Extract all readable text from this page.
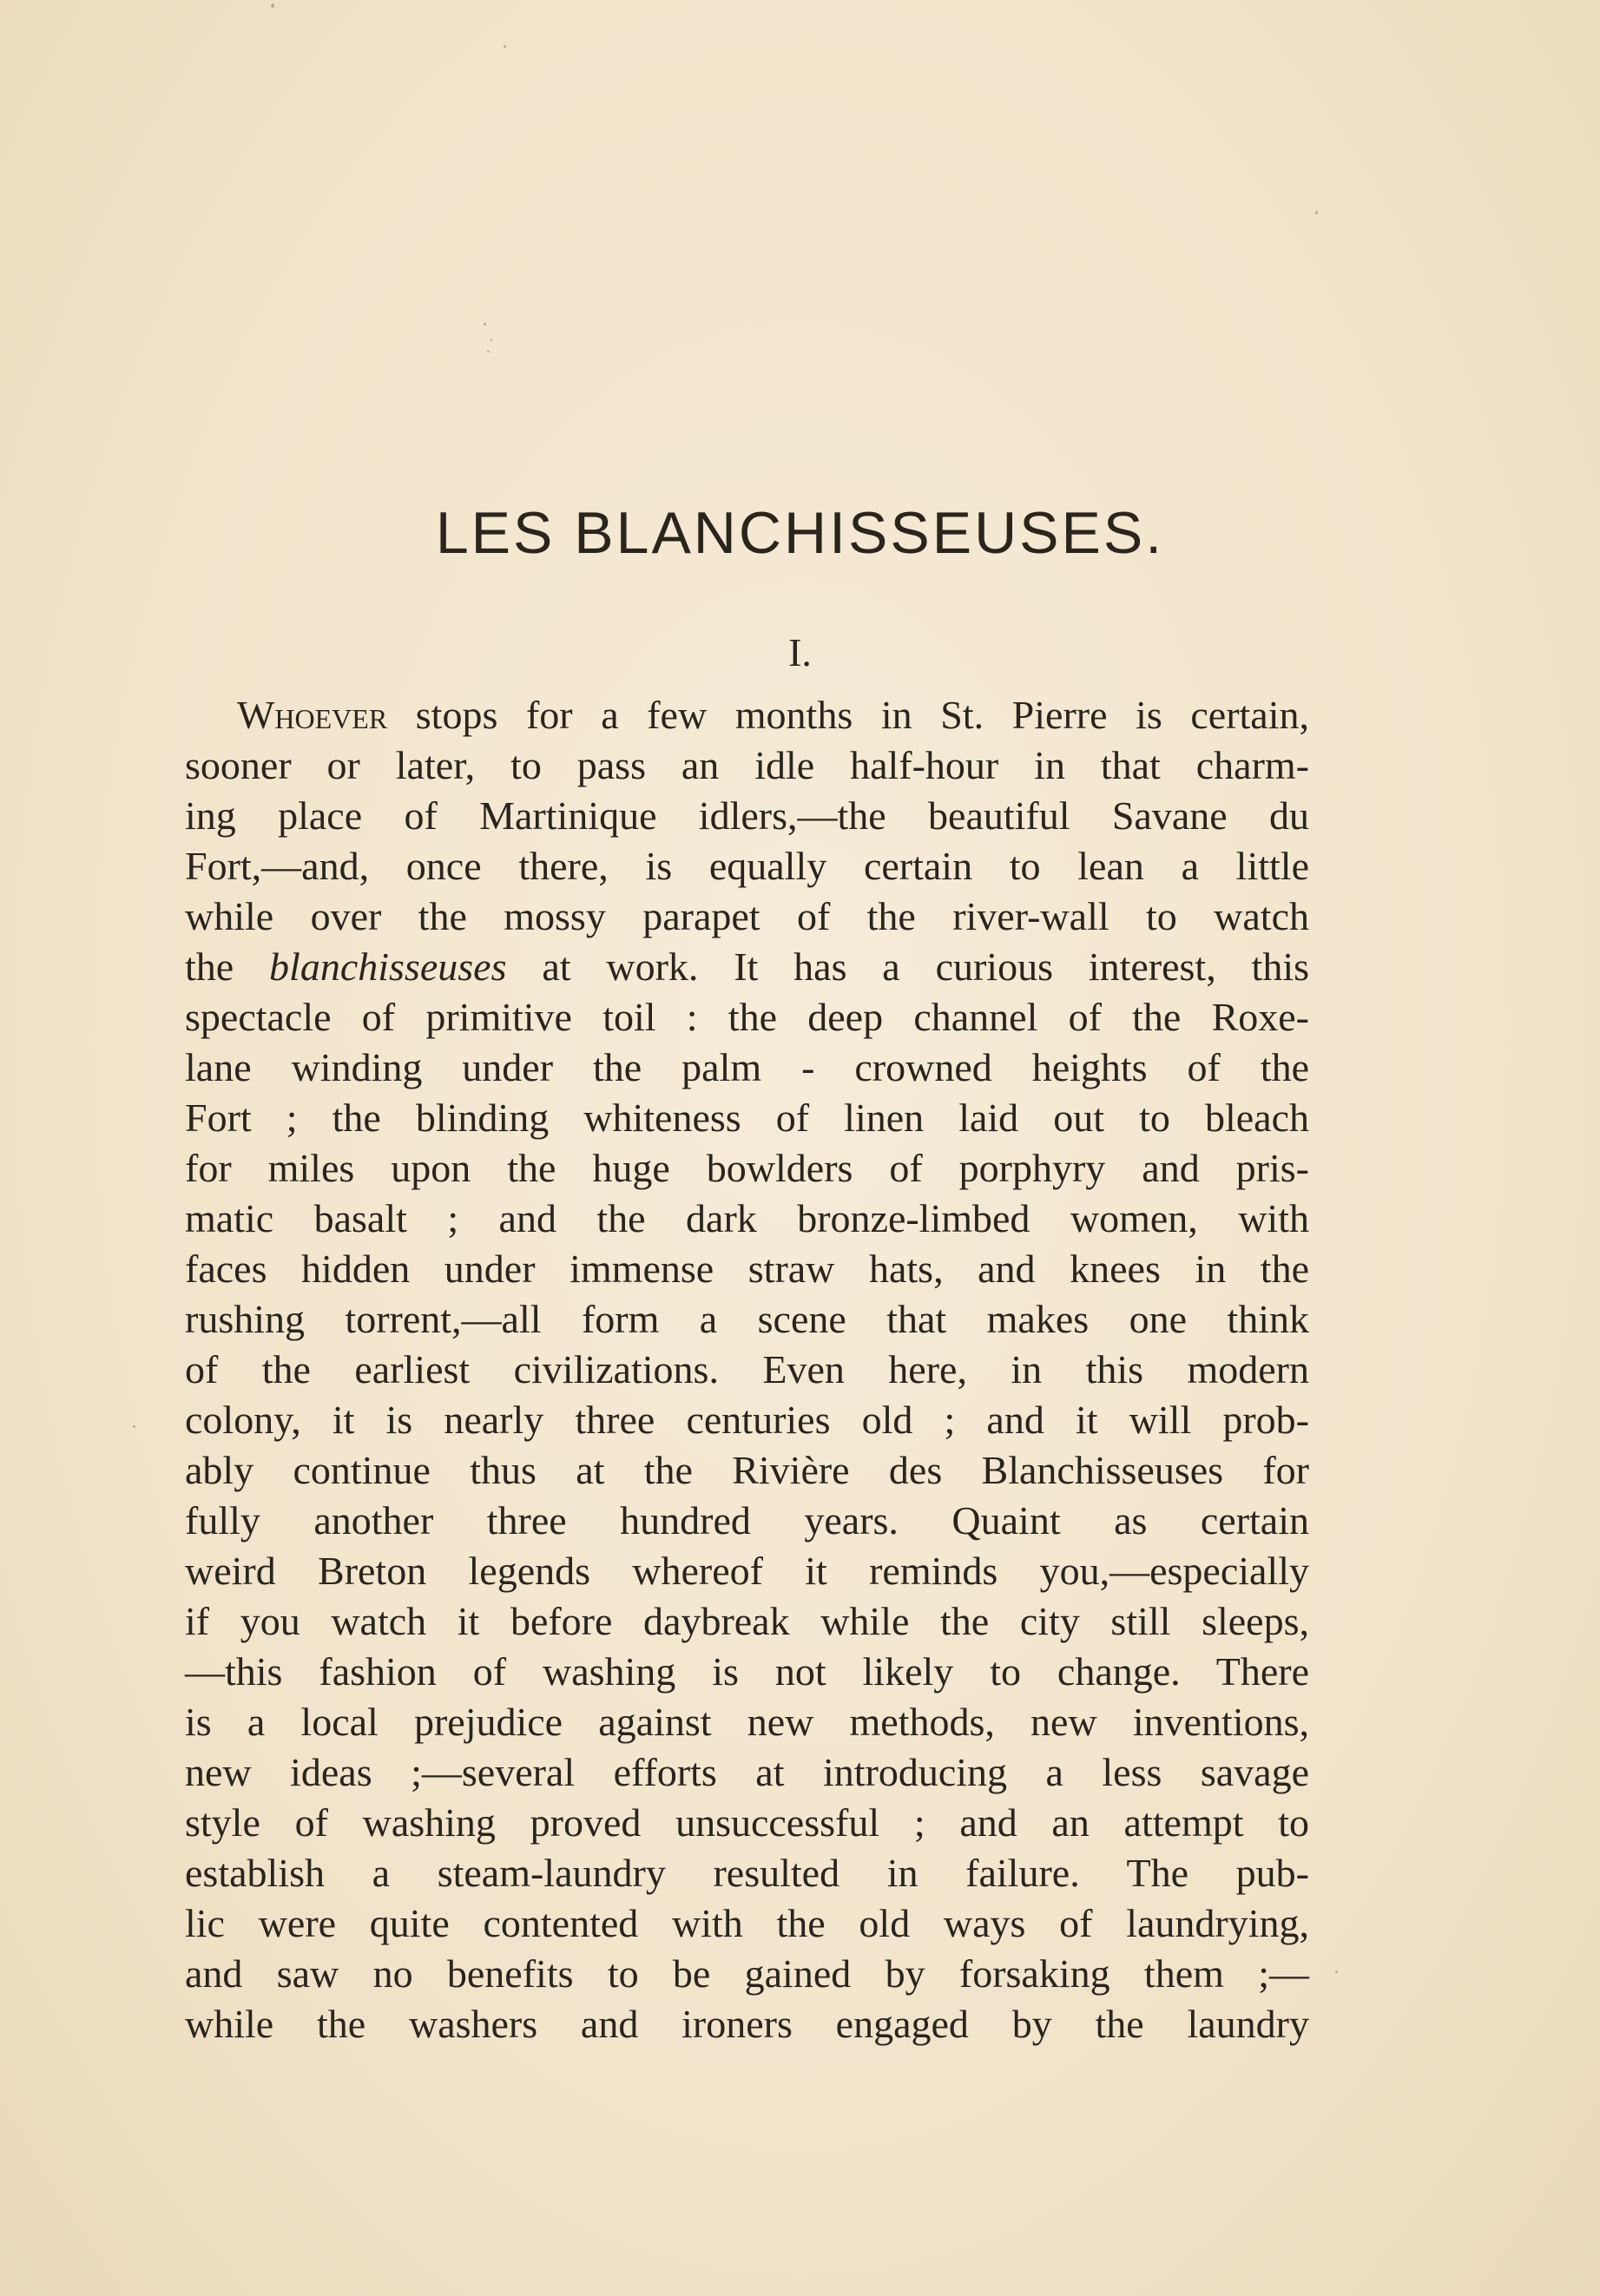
LES BLANCHISSEUSES.
I.
Whoever stops for a few months in St. Pierre is certain,
sooner or later, to pass an idle half-hour in that charm-
ing place of Martinique idlers,—the beautiful Savane du
Fort,—and, once there, is equally certain to lean a little
while over the mossy parapet of the river-wall to watch
the blanchisseuses at work. It has a curious interest, this
spectacle of primitive toil : the deep channel of the Roxe-
lane winding under the palm - crowned heights of the
Fort ; the blinding whiteness of linen laid out to bleach
for miles upon the huge bowlders of porphyry and pris-
matic basalt ; and the dark bronze-limbed women, with
faces hidden under immense straw hats, and knees in the
rushing torrent,—all form a scene that makes one think
of the earliest civilizations. Even here, in this modern
colony, it is nearly three centuries old ; and it will prob-
ably continue thus at the Rivière des Blanchisseuses for
fully another three hundred years. Quaint as certain
weird Breton legends whereof it reminds you,—especially
if you watch it before daybreak while the city still sleeps,
—this fashion of washing is not likely to change. There
is a local prejudice against new methods, new inventions,
new ideas ;—several efforts at introducing a less savage
style of washing proved unsuccessful ; and an attempt to
establish a steam-laundry resulted in failure. The pub-
lic were quite contented with the old ways of laundrying,
and saw no benefits to be gained by forsaking them ;—
while the washers and ironers engaged by the laundry
